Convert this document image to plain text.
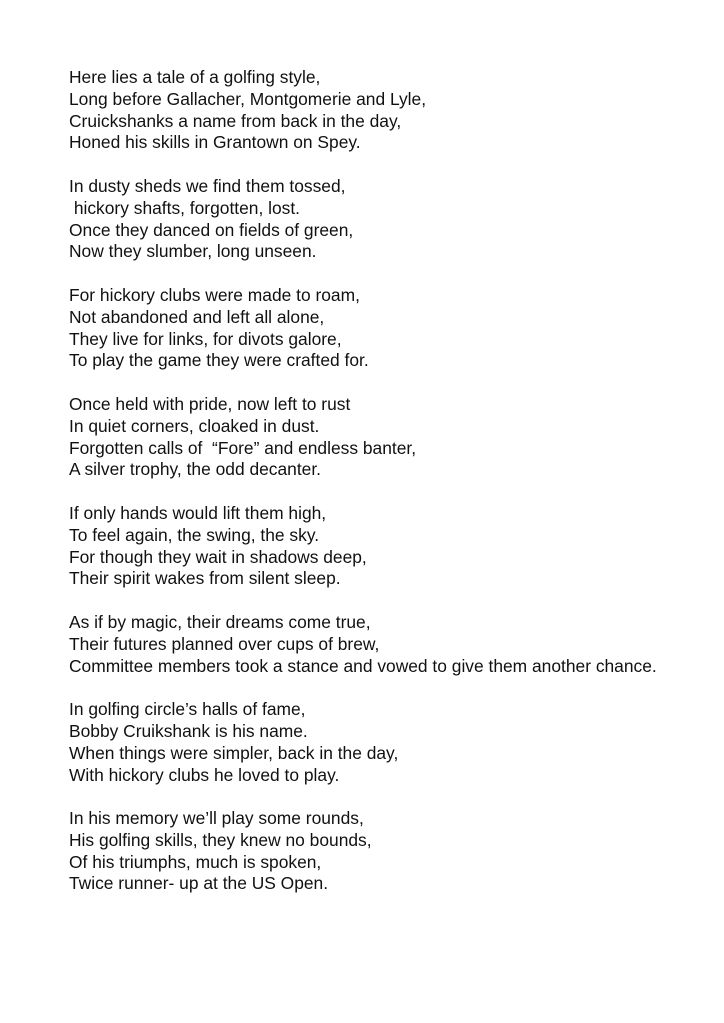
Here lies a tale of a golfing style,
Long before Gallacher, Montgomerie and Lyle,
Cruickshanks a name from back in the day,
Honed his skills in Grantown on Spey.
In dusty sheds we find them tossed,
hickory shafts, forgotten, lost.
Once they danced on fields of green,
Now they slumber, long unseen.
For hickory clubs were made to roam,
Not abandoned and left all alone,
They live for links, for divots galore,
To play the game they were crafted for.
Once held with pride, now left to rust
In quiet corners, cloaked in dust.
Forgotten calls of  “Fore” and endless banter,
A silver trophy, the odd decanter.
If only hands would lift them high,
To feel again, the swing, the sky.
For though they wait in shadows deep,
Their spirit wakes from silent sleep.
As if by magic, their dreams come true,
Their futures planned over cups of brew,
Committee members took a stance and vowed to give them another chance.
In golfing circle’s halls of fame,
Bobby Cruikshank is his name.
When things were simpler, back in the day,
With hickory clubs he loved to play.
In his memory we’ll play some rounds,
His golfing skills, they knew no bounds,
Of his triumphs, much is spoken,
Twice runner- up at the US Open.
